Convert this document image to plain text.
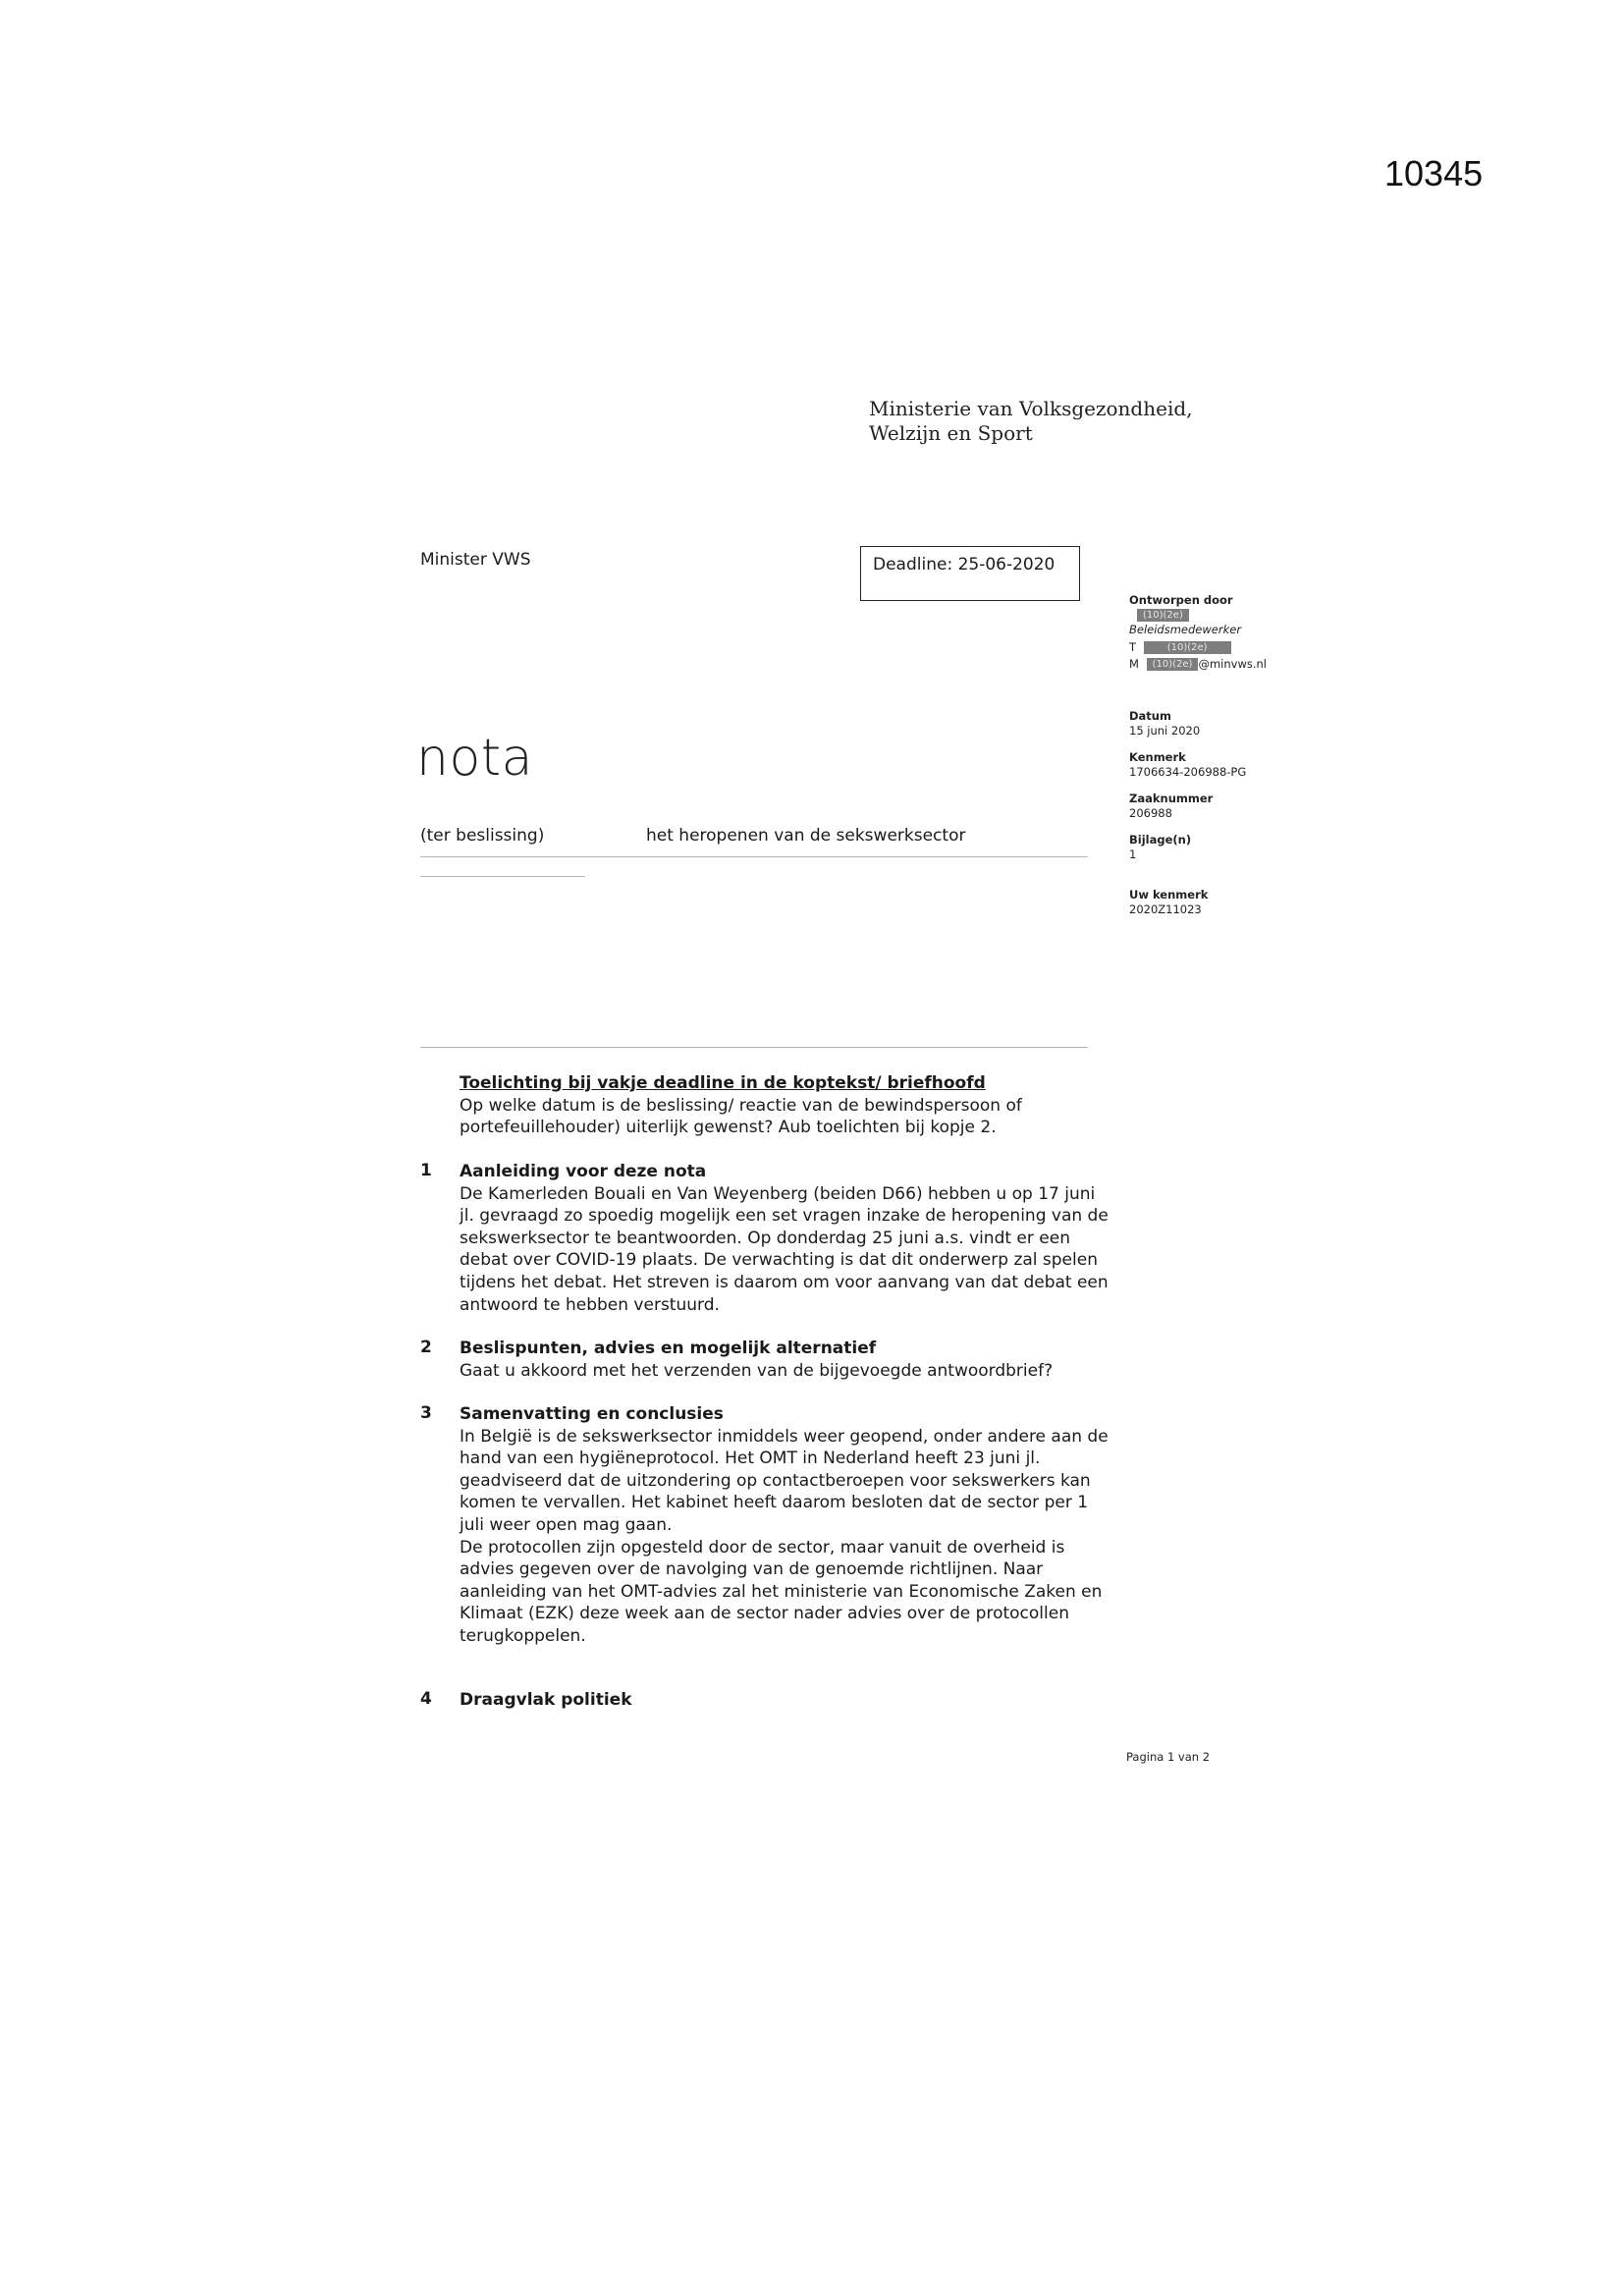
10345
Ministerie van Volksgezondheid,
Welzijn en Sport
Minister VWS	Deadline: 25-06-2020
Ontworpen door
(10)(2e)
Beleidsmedewerker
T	(10)(2e)
M (10)(2e) @minvws.nl
Datum
15 juni 2020
Kenmerk
1706634-206988-PG
Zaaknummer
206988
Bijlage(n)
1
Uw kenmerk
2020Z11023
nota
(ter beslissing)	het heropenen van de sekswerksector
Toelichting bij vakje deadline in de koptekst/ briefhoofd
Op welke datum is de beslissing/ reactie van de bewindspersoon of
portefeuillehouder) uiterlijk gewenst? Aub toelichten bij kopje 2.
1 Aanleiding voor deze nota
De Kamerleden Bouali en Van Weyenberg (beiden D66) hebben u op 17 juni
jl. gevraagd zo spoedig mogelijk een set vragen inzake de heropening van de
sekswerksector te beantwoorden. Op donderdag 25 juni a.s. vindt er een
debat over COVID-19 plaats. De verwachting is dat dit onderwerp zal spelen
tijdens het debat. Het streven is daarom om voor aanvang van dat debat een
antwoord te hebben verstuurd.
2 Beslispunten, advies en mogelijk alternatief
Gaat u akkoord met het verzenden van de bijgevoegde antwoordbrief?
3 Samenvatting en conclusies
In België is de sekswerksector inmiddels weer geopend, onder andere aan de
hand van een hygiëneprotocol. Het OMT in Nederland heeft 23 juni jl.
geadviseerd dat de uitzondering op contactberoepen voor sekswerkers kan
komen te vervallen. Het kabinet heeft daarom besloten dat de sector per 1
juli weer open mag gaan.
De protocollen zijn opgesteld door de sector, maar vanuit de overheid is
advies gegeven over de navolging van de genoemde richtlijnen. Naar
aanleiding van het OMT-advies zal het ministerie van Economische Zaken en
Klimaat (EZK) deze week aan de sector nader advies over de protocollen
terugkoppelen.
4 Draagvlak politiek
Pagina 1 van 2
